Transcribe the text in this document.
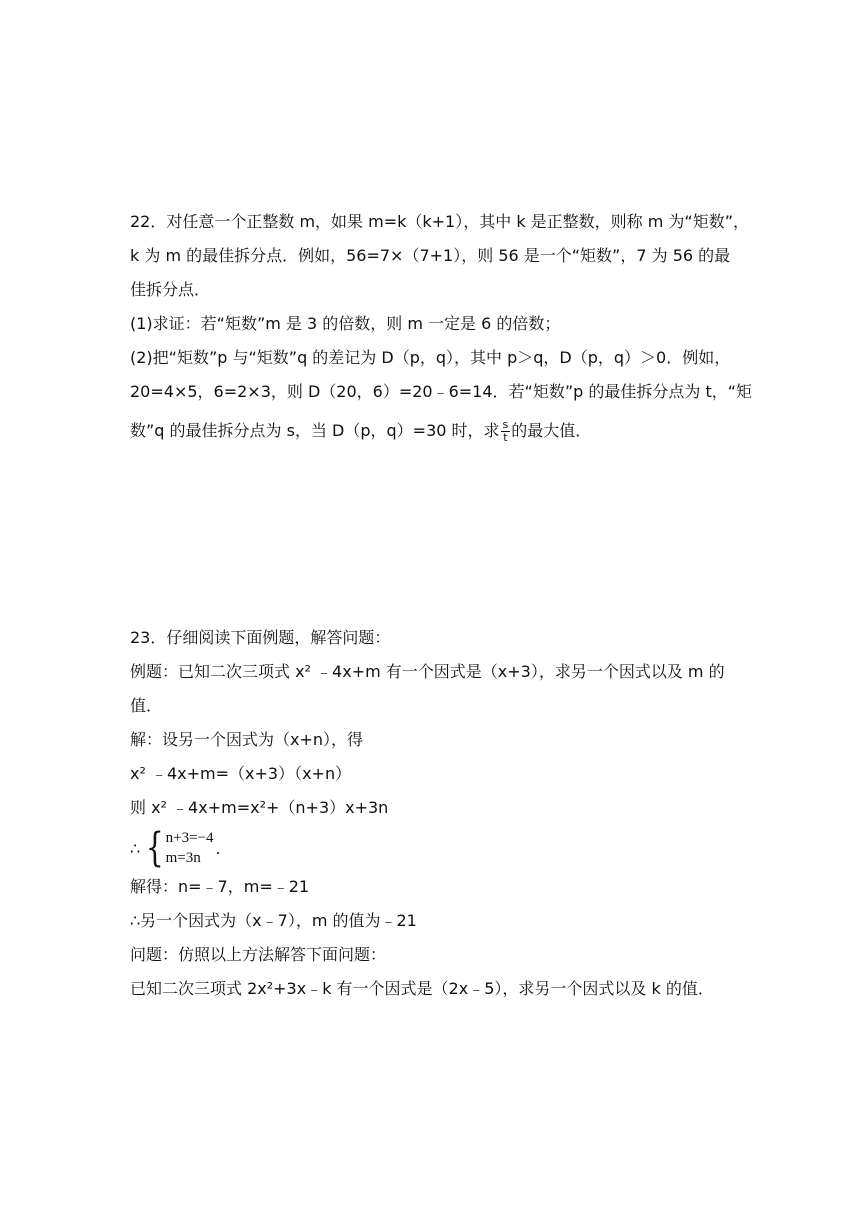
22．对任意一个正整数 m，如果 m=k（k+1），其中 k 是正整数，则称 m 为“矩数”，
k 为 m 的最佳拆分点．例如，56=7×（7+1），则 56 是一个“矩数”，7 为 56 的最
佳拆分点．
(1)求证：若“矩数”m 是 3 的倍数，则 m 一定是 6 的倍数；
(2)把“矩数”p 与“矩数”q 的差记为 D（p，q），其中 p＞q，D（p，q）＞0．例如，
20=4×5，6=2×3，则 D（20，6）=20﹣6=14．若“矩数”p 的最佳拆分点为 t，“矩
数”q 的最佳拆分点为 s，当 D（p，q）=30 时，求 $\frac{s}{t}$ 的最大值．
23．仔细阅读下面例题，解答问题：
例题：已知二次三项式 x² ﹣4x+m 有一个因式是（x+3），求另一个因式以及 m 的
值．
解：设另一个因式为（x+n），得
x² ﹣4x+m=（x+3）（x+n）
则 x² ﹣4x+m=x²+（n+3）x+3n
∴ { n+3=−4
m=3n
.
解得：n=﹣7，m=﹣21
∴另一个因式为（x﹣7），m 的值为﹣21
问题：仿照以上方法解答下面问题：
已知二次三项式 2x²+3x﹣k 有一个因式是（2x﹣5），求另一个因式以及 k 的值．
